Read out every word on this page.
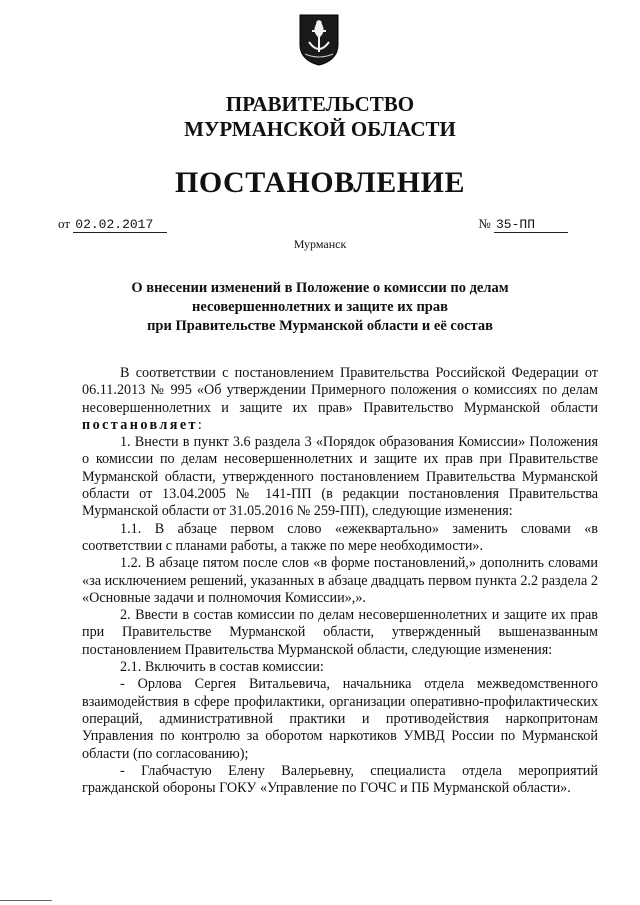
ПРАВИТЕЛЬСТВО
МУРМАНСКОЙ ОБЛАСТИ
ПОСТАНОВЛЕНИЕ
от 02.02.2017	№ 35-ПП
Мурманск
О внесении изменений в Положение о комиссии по делам
несовершеннолетних и защите их прав
при Правительстве Мурманской области и её состав

В соответствии с постановлением Правительства Российской Федерации от 06.11.2013 № 995 «Об утверждении Примерного положения о комиссиях по делам несовершеннолетних и защите их прав» Правительство Мурманской области постановляет:

1. Внести в пункт 3.6 раздела 3 «Порядок образования Комиссии» Положения о комиссии по делам несовершеннолетних и защите их прав при Правительстве Мурманской области, утвержденного постановлением Правительства Мурманской области от 13.04.2005 № 141-ПП (в редакции постановления Правительства Мурманской области от 31.05.2016 № 259-ПП), следующие изменения:

1.1. В абзаце первом слово «ежеквартально» заменить словами «в соответствии с планами работы, а также по мере необходимости».

1.2. В абзаце пятом после слов «в форме постановлений,» дополнить словами «за исключением решений, указанных в абзаце двадцать первом пункта 2.2 раздела 2 «Основные задачи и полномочия Комиссии»,».

2. Ввести в состав комиссии по делам несовершеннолетних и защите их прав при Правительстве Мурманской области, утвержденный вышеназванным постановлением Правительства Мурманской области, следующие изменения:

2.1. Включить в состав комиссии:

- Орлова Сергея Витальевича, начальника отдела межведомственного взаимодействия в сфере профилактики, организации оперативно-профилактических операций, административной практики и противодействия наркопритонам Управления по контролю за оборотом наркотиков УМВД России по Мурманской области (по согласованию);

- Глабчастую Елену Валерьевну, специалиста отдела мероприятий гражданской обороны ГОКУ «Управление по ГОЧС и ПБ Мурманской области».
